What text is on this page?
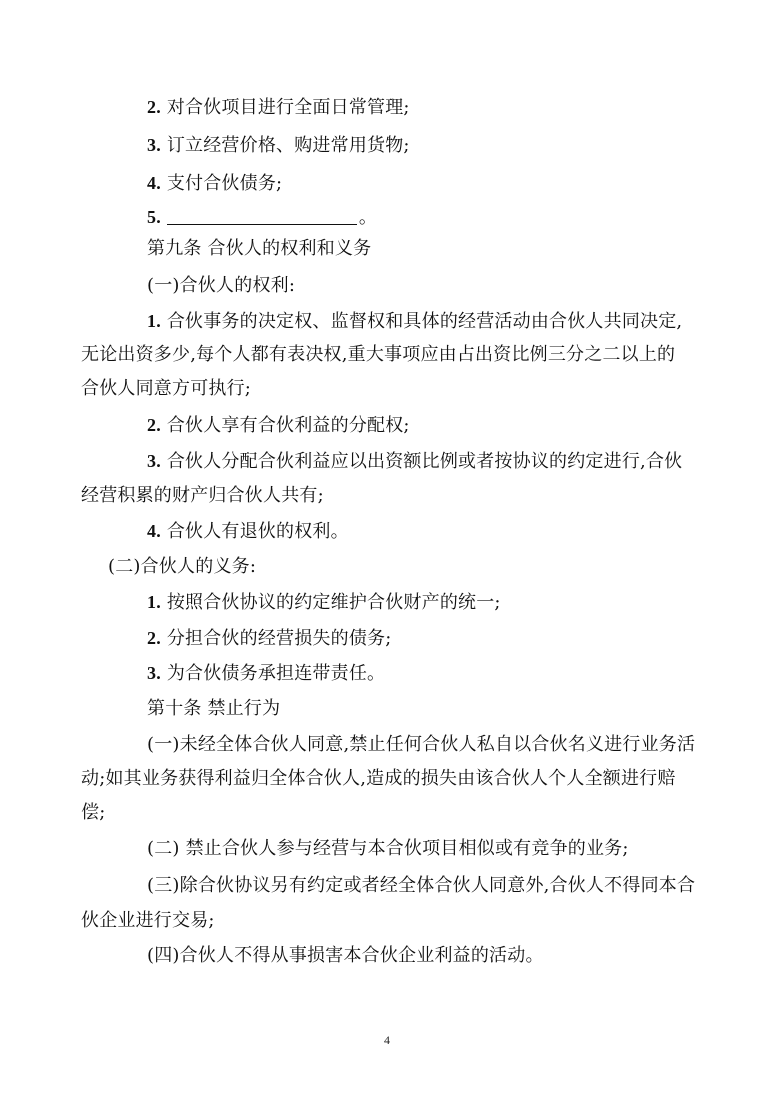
2. 对合伙项目进行全面日常管理;
3. 订立经营价格、购进常用货物;
4. 支付合伙债务;
5.	。
第九条 合伙人的权利和义务
(一)合伙人的权利:
1. 合伙事务的决定权、监督权和具体的经营活动由合伙人共同决定,
无论出资多少,每个人都有表决权,重大事项应由占出资比例三分之二以上的
合伙人同意方可执行;
2. 合伙人享有合伙利益的分配权;
3. 合伙人分配合伙利益应以出资额比例或者按协议的约定进行,合伙
经营积累的财产归合伙人共有;
4. 合伙人有退伙的权利。
(二)合伙人的义务:
1. 按照合伙协议的约定维护合伙财产的统一;
2. 分担合伙的经营损失的债务;
3. 为合伙债务承担连带责任。
第十条 禁止行为
(一)未经全体合伙人同意,禁止任何合伙人私自以合伙名义进行业务活
动;如其业务获得利益归全体合伙人,造成的损失由该合伙人个人全额进行赔
偿;
(二) 禁止合伙人参与经营与本合伙项目相似或有竞争的业务;
(三)除合伙协议另有约定或者经全体合伙人同意外,合伙人不得同本合
伙企业进行交易;
(四)合伙人不得从事损害本合伙企业利益的活动。
4
